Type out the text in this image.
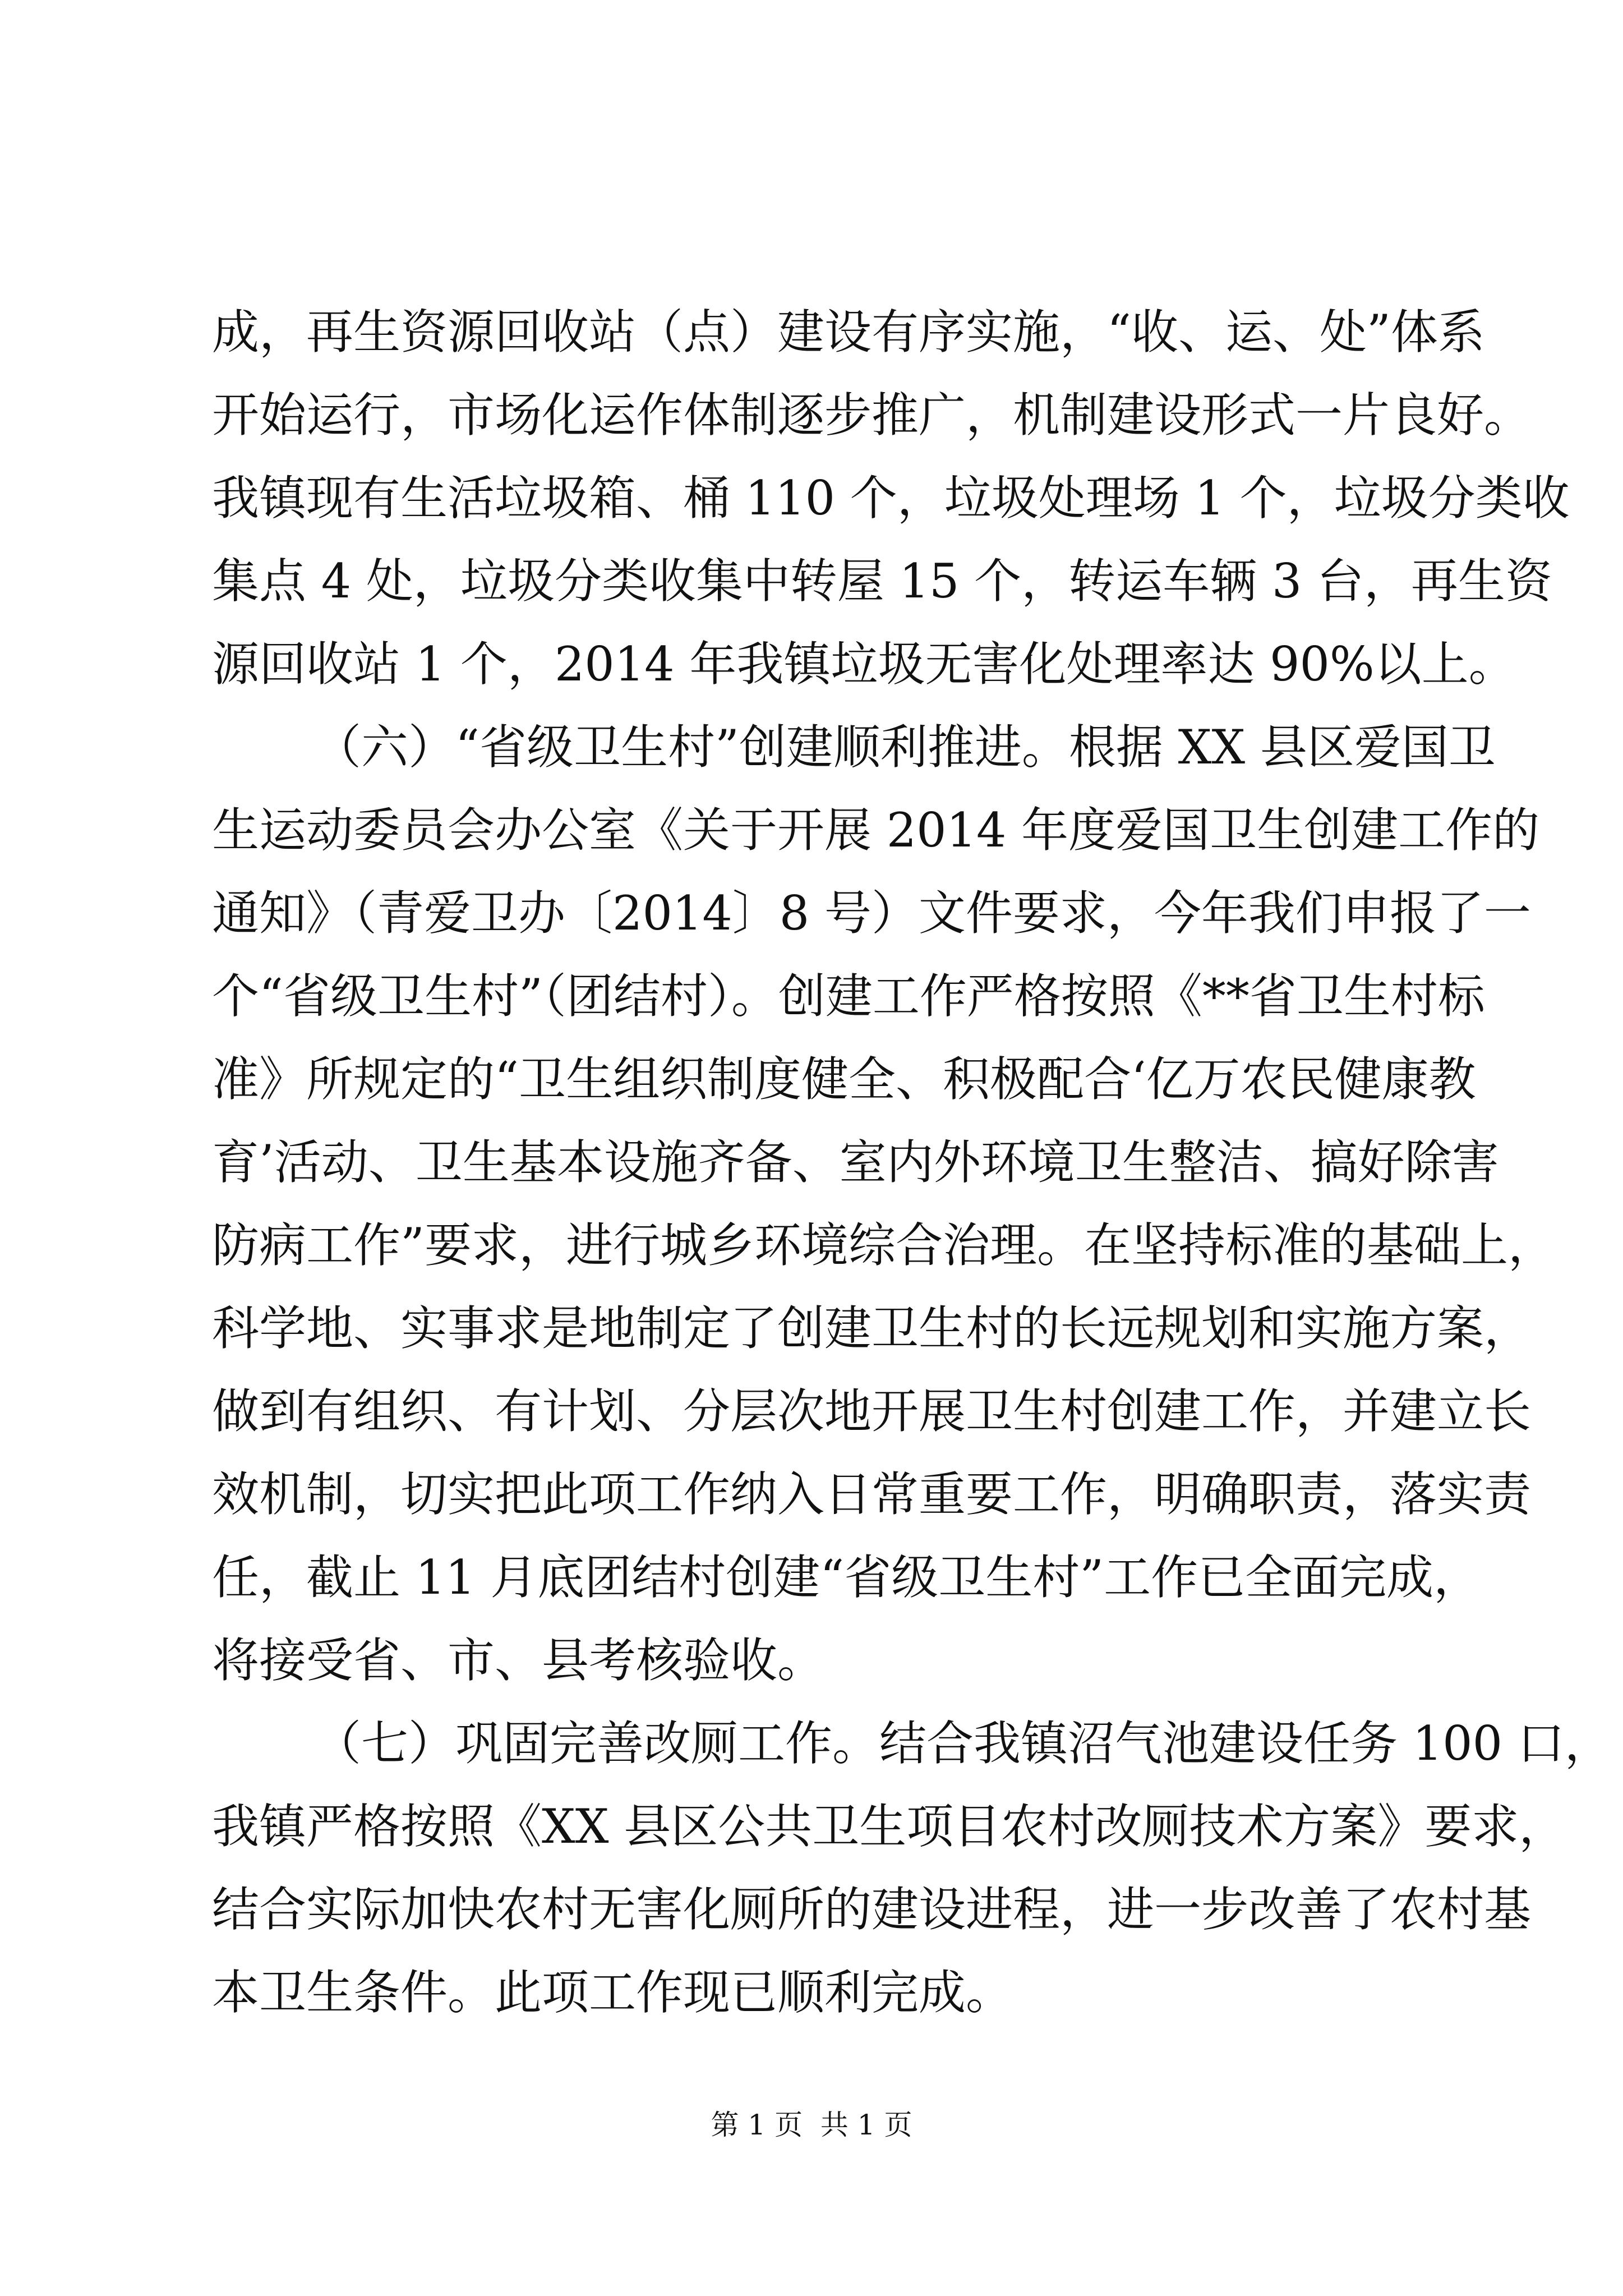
成，再生资源回收站（点）建设有序实施，“收、运、处”体系

开始运行，市场化运作体制逐步推广，机制建设形式一片良好。

我镇现有生活垃圾箱、桶 110 个，垃圾处理场 1 个，垃圾分类收

集点 4 处，垃圾分类收集中转屋 15 个，转运车辆 3 台，再生资

源回收站 1 个，2014 年我镇垃圾无害化处理率达 90%以上。

（六）“省级卫生村”创建顺利推进。根据 XX 县区爱国卫

生运动委员会办公室《关于开展 2014 年度爱国卫生创建工作的

通知》（青爱卫办〔2014〕8 号）文件要求，今年我们申报了一

个“省级卫生村”（团结村）。创建工作严格按照《**省卫生村标

准》所规定的“卫生组织制度健全、积极配合‘亿万农民健康教

育’活动、卫生基本设施齐备、室内外环境卫生整洁、搞好除害

防病工作”要求，进行城乡环境综合治理。在坚持标准的基础上，

科学地、实事求是地制定了创建卫生村的长远规划和实施方案，

做到有组织、有计划、分层次地开展卫生村创建工作，并建立长

效机制，切实把此项工作纳入日常重要工作，明确职责，落实责

任，截止 11 月底团结村创建“省级卫生村”工作已全面完成，

将接受省、市、县考核验收。

（七）巩固完善改厕工作。结合我镇沼气池建设任务 100 口，

我镇严格按照《XX 县区公共卫生项目农村改厕技术方案》要求，

结合实际加快农村无害化厕所的建设进程，进一步改善了农村基

本卫生条件。此项工作现已顺利完成。

第 1 页  共 1 页
